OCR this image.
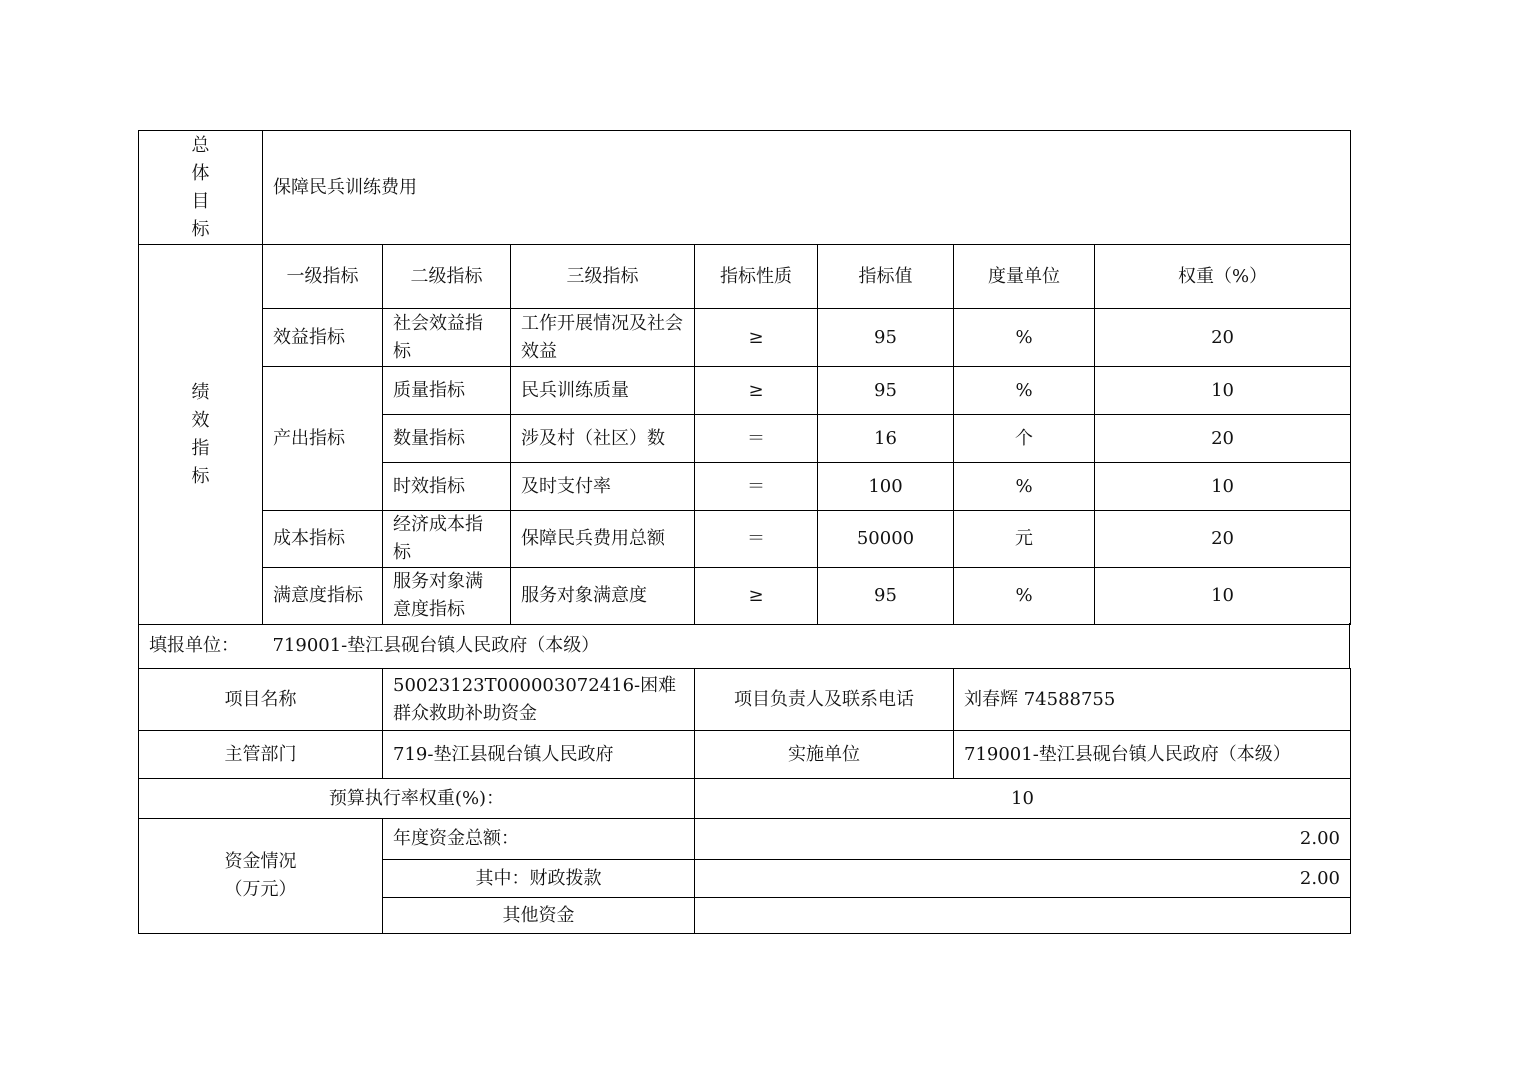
总
体
目
标	保障民兵训练费用						

绩
效
指
标	一级指标	二级指标	三级指标	指标性质	指标值	度量单位	权重（%）
	效益指标	社会效益指标	工作开展情况及社会效益	≥	95	%	20
	产出指标	质量指标	民兵训练质量	≥	95	%	10
		数量指标	涉及村（社区）数	＝	16	个	20
		时效指标	及时支付率	＝	100	%	10
	成本指标	经济成本指标	保障民兵费用总额	＝	50000	元	20
	满意度指标	服务对象满意度指标	服务对象满意度	≥	95	%	10
填报单位： 719001-垫江县砚台镇人民政府（本级）
项目名称	50023123T000003072416-困难群众救助补助资金	项目负责人及联系电话	刘春辉 74588755
主管部门	719-垫江县砚台镇人民政府	实施单位	719001-垫江县砚台镇人民政府（本级）
预算执行率权重(%)：		10	

资金情况
（万元）	年度资金总额：	2.00	
	其中：财政拨款	2.00	
	其他资金		
